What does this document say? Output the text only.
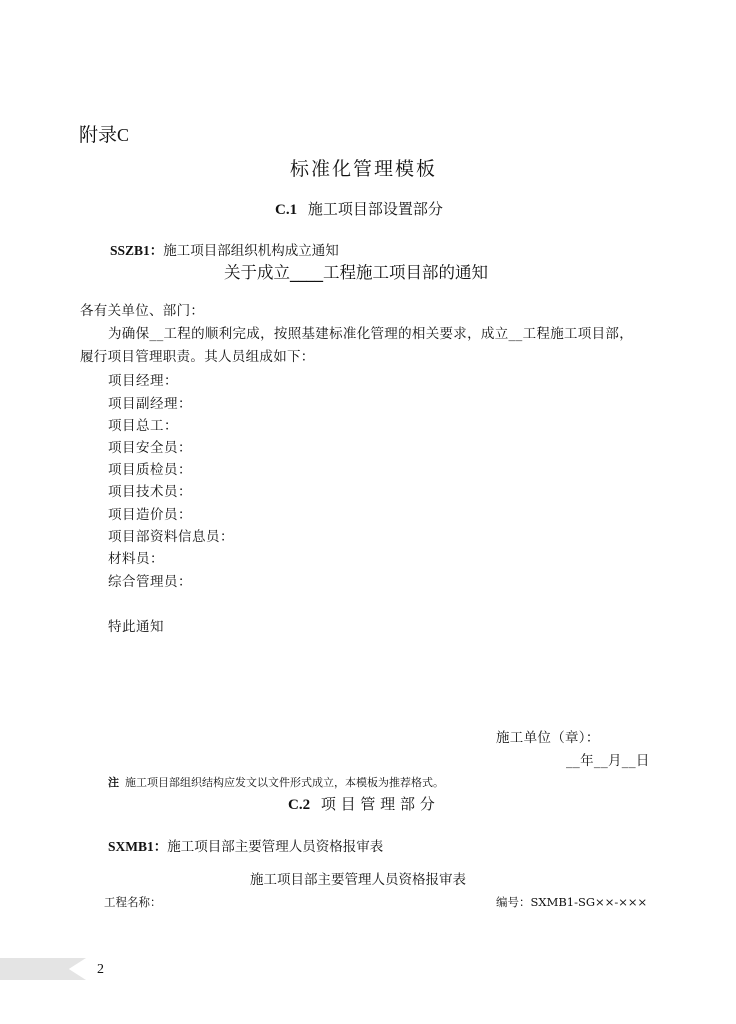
附录C
标准化管理模板
C.1 施工项目部设置部分
SSZB1：施工项目部组织机构成立通知
关于成立____工程施工项目部的通知
各有关单位、部门：
为确保__工程的顺利完成，按照基建标准化管理的相关要求，成立__工程施工项目部，
履行项目管理职责。其人员组成如下：
项目经理：
项目副经理：
项目总工：
项目安全员：
项目质检员：
项目技术员：
项目造价员：
项目部资料信息员：
材料员：
综合管理员：
特此通知
施工单位（章）：
__年__月__日
注 施工项目部组织结构应发文以文件形式成立，本模板为推荐格式。
C.2 项 目 管 理 部 分
SXMB1：施工项目部主要管理人员资格报审表
施工项目部主要管理人员资格报审表
工程名称：	编号：SXMB1-SG××-×××
2
